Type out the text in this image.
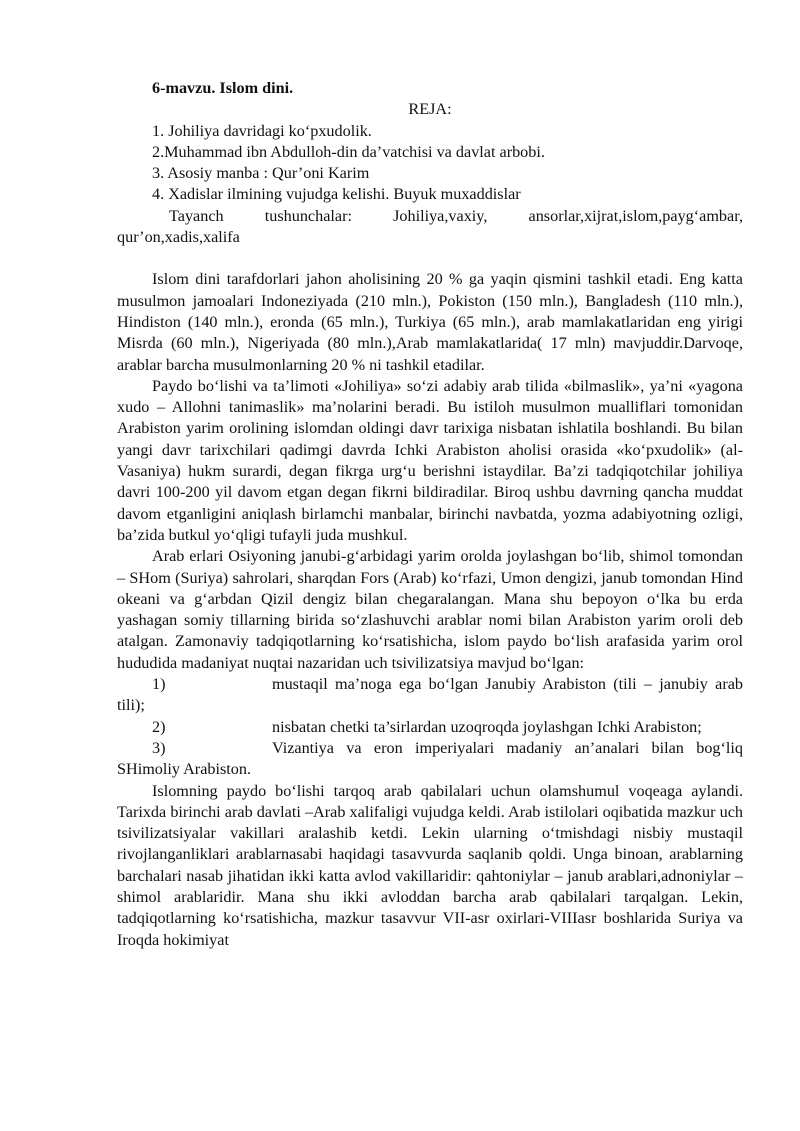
6-mavzu. Islom dini.

REJA:

1. Johiliya davridagi ko‘pxudolik.
2.Muhammad ibn Abdulloh-din da’vatchisi va davlat arbobi.
3. Asosiy manba : Qur’oni Karim
4. Xadislar ilmining vujudga kelishi. Buyuk muxaddislar

Tayanch tushunchalar: Johiliya,vaxiy, ansorlar,xijrat,islom,payg‘ambar, qur’on,xadis,xalifa

Islom dini tarafdorlari jahon aholisining 20 % ga yaqin qismini tashkil etadi. Eng katta musulmon jamoalari Indoneziyada (210 mln.), Pokiston (150 mln.), Bangladesh (110 mln.), Hindiston (140 mln.), eronda (65 mln.), Turkiya (65 mln.), arab mamlakatlaridan eng yirigi Misrda (60 mln.), Nigeriyada (80 mln.),Arab mamlakatlarida( 17 mln) mavjuddir.Darvoqe, arablar barcha musulmonlarning 20 % ni tashkil etadilar.

Paydo bo‘lishi va ta’limoti «Johiliya» so‘zi adabiy arab tilida «bilmaslik», ya’ni «yagona xudo – Allohni tanimaslik» ma’nolarini beradi. Bu istiloh musulmon mualliflari tomonidan Arabiston yarim orolining islomdan oldingi davr tarixiga nisbatan ishlatila boshlandi. Bu bilan yangi davr tarixchilari qadimgi davrda Ichki Arabiston aholisi orasida «ko‘pxudolik» (al-Vasaniya) hukm surardi, degan fikrga urg‘u berishni istaydilar. Ba’zi tadqiqotchilar johiliya davri 100-200 yil davom etgan degan fikrni bildiradilar. Biroq ushbu davrning qancha muddat davom etganligini aniqlash birlamchi manbalar, birinchi navbatda, yozma adabiyotning ozligi, ba’zida butkul yo‘qligi tufayli juda mushkul.

Arab erlari Osiyoning janubi-g‘arbidagi yarim orolda joylashgan bo‘lib, shimol tomondan – SHom (Suriya) sahrolari, sharqdan Fors (Arab) ko‘rfazi, Umon dengizi, janub tomondan Hind okeani va g‘arbdan Qizil dengiz bilan chegaralangan. Mana shu bepoyon o‘lka bu erda yashagan somiy tillarning birida so‘zlashuvchi arablar nomi bilan Arabiston yarim oroli deb atalgan. Zamonaviy tadqiqotlarning ko‘rsatishicha, islom paydo bo‘lish arafasida yarim orol hududida madaniyat nuqtai nazaridan uch tsivilizatsiya mavjud bo‘lgan:

1)	mustaqil ma’noga ega bo‘lgan Janubiy Arabiston (tili – janubiy arab tili);

2)	nisbatan chetki ta’sirlardan uzoqroqda joylashgan Ichki Arabiston;

3)	Vizantiya va eron imperiyalari madaniy an’analari bilan bog‘liq SHimoliy Arabiston.

Islomning paydo bo‘lishi tarqoq arab qabilalari uchun olamshumul voqeaga aylandi. Tarixda birinchi arab davlati –Arab xalifaligi vujudga keldi. Arab istilolari oqibatida mazkur uch tsivilizatsiyalar vakillari aralashib ketdi. Lekin ularning o‘tmishdagi nisbiy mustaqil rivojlanganliklari arablarnasabi haqidagi tasavvurda saqlanib qoldi. Unga binoan, arablarning barchalari nasab jihatidan ikki katta avlod vakillaridir: qahtoniylar – janub arablari,adnoniylar – shimol arablaridir. Mana shu ikki avloddan barcha arab qabilalari tarqalgan. Lekin, tadqiqotlarning ko‘rsatishicha, mazkur tasavvur VII-asr oxirlari-VIIIasr boshlarida Suriya va Iroqda hokimiyat
